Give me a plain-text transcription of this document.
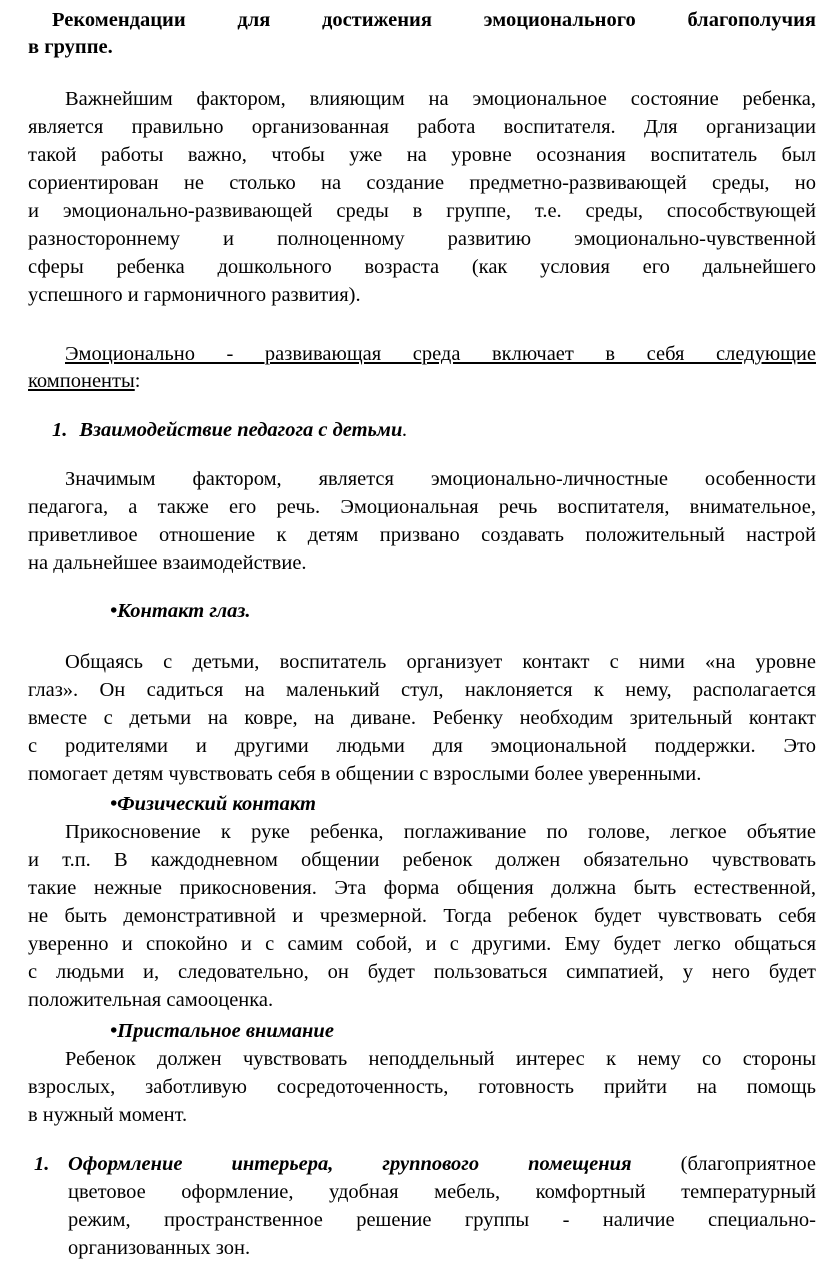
Рекомендации для достижения эмоционального благополучия
в группе.
Важнейшим фактором, влияющим на эмоциональное состояние ребенка,
является правильно организованная работа воспитателя. Для организации
такой работы важно, чтобы уже на уровне осознания воспитатель был
сориентирован не столько на создание предметно-развивающей среды, но
и эмоционально-развивающей среды в группе, т.е. среды, способствующей
разностороннему и полноценному развитию эмоционально-чувственной
сферы ребенка дошкольного возраста (как условия его дальнейшего
успешного и гармоничного развития).
Эмоционально - развивающая среда включает в себя следующие
компоненты:
1. Взаимодействие педагога с детьми.
Значимым фактором, является эмоционально-личностные особенности
педагога, а также его речь. Эмоциональная речь воспитателя, внимательное,
приветливое отношение к детям призвано создавать положительный настрой
на дальнейшее взаимодействие.
•Контакт глаз.
Общаясь с детьми, воспитатель организует контакт с ними «на уровне
глаз». Он садиться на маленький стул, наклоняется к нему, располагается
вместе с детьми на ковре, на диване. Ребенку необходим зрительный контакт
с родителями и другими людьми для эмоциональной поддержки. Это
помогает детям чувствовать себя в общении с взрослыми более уверенными.
•Физический контакт
Прикосновение к руке ребенка, поглаживание по голове, легкое объятие
и т.п. В каждодневном общении ребенок должен обязательно чувствовать
такие нежные прикосновения. Эта форма общения должна быть естественной,
не быть демонстративной и чрезмерной. Тогда ребенок будет чувствовать себя
уверенно и спокойно и с самим собой, и с другими. Ему будет легко общаться
с людьми и, следовательно, он будет пользоваться симпатией, у него будет
положительная самооценка.
•Пристальное внимание
Ребенок должен чувствовать неподдельный интерес к нему со стороны
взрослых, заботливую сосредоточенность, готовность прийти на помощь
в нужный момент.
1. Оформление интерьера, группового помещения (благоприятное
цветовое оформление, удобная мебель, комфортный температурный
режим, пространственное решение группы - наличие специально-
организованных зон.
